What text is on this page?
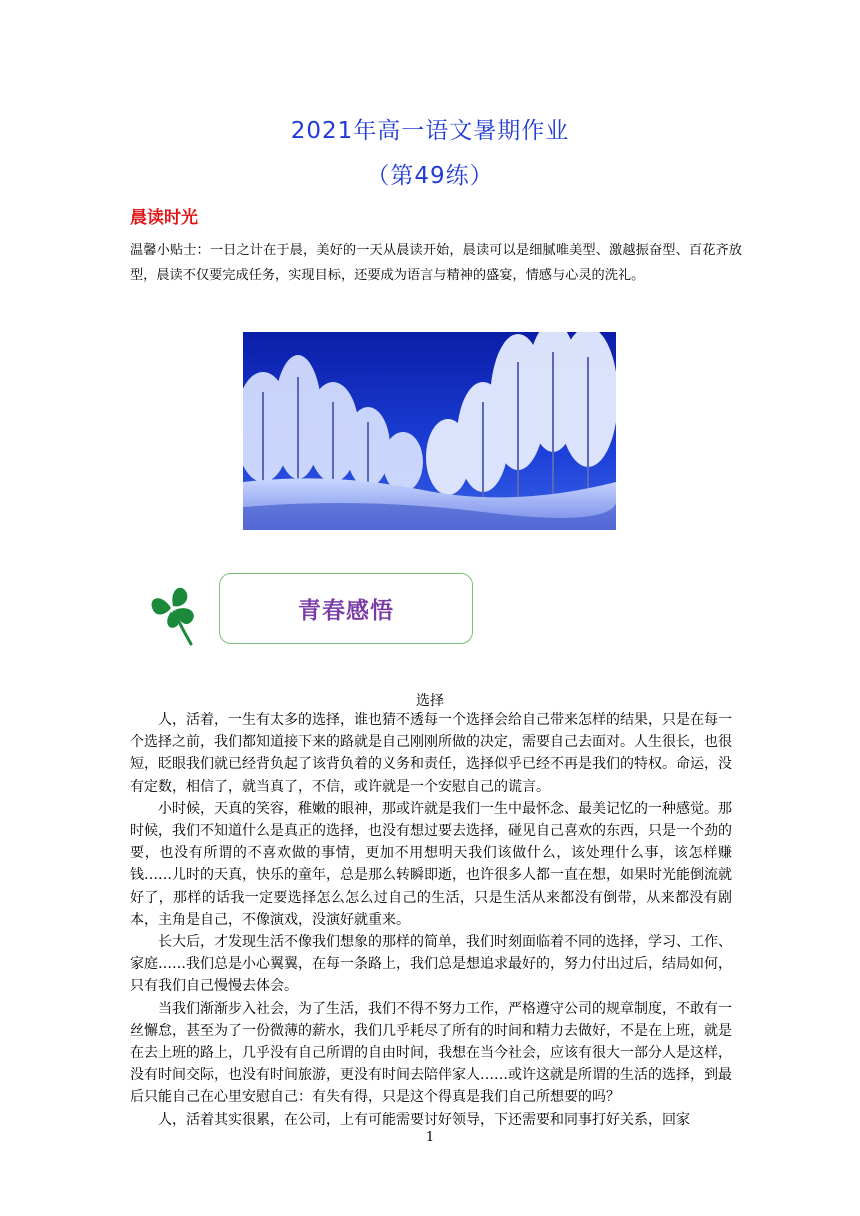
2021年高一语文暑期作业
（第49练）
晨读时光
温馨小贴士：一日之计在于晨，美好的一天从晨读开始，晨读可以是细腻唯美型、激越振奋型、百花齐放型，晨读不仅要完成任务，实现目标，还要成为语言与精神的盛宴，情感与心灵的洗礼。
青春感悟
选择

人，活着，一生有太多的选择，谁也猜不透每一个选择会给自己带来怎样的结果，只是在每一个选择之前，我们都知道接下来的路就是自己刚刚所做的决定，需要自己去面对。人生很长，也很短，眨眼我们就已经背负起了该背负着的义务和责任，选择似乎已经不再是我们的特权。命运，没有定数，相信了，就当真了，不信，或许就是一个安慰自己的谎言。

小时候，天真的笑容，稚嫩的眼神，那或许就是我们一生中最怀念、最美记忆的一种感觉。那时候，我们不知道什么是真正的选择，也没有想过要去选择，碰见自己喜欢的东西，只是一个劲的要，也没有所谓的不喜欢做的事情，更加不用想明天我们该做什么，该处理什么事，该怎样赚钱……儿时的天真，快乐的童年，总是那么转瞬即逝，也许很多人都一直在想，如果时光能倒流就好了，那样的话我一定要选择怎么怎么过自己的生活，只是生活从来都没有倒带，从来都没有剧本，主角是自己，不像演戏，没演好就重来。

长大后，才发现生活不像我们想象的那样的简单，我们时刻面临着不同的选择，学习、工作、家庭……我们总是小心翼翼，在每一条路上，我们总是想追求最好的，努力付出过后，结局如何，只有我们自己慢慢去体会。

当我们渐渐步入社会，为了生活，我们不得不努力工作，严格遵守公司的规章制度，不敢有一丝懈怠，甚至为了一份微薄的薪水，我们几乎耗尽了所有的时间和精力去做好，不是在上班，就是在去上班的路上，几乎没有自己所谓的自由时间，我想在当今社会，应该有很大一部分人是这样，没有时间交际，也没有时间旅游，更没有时间去陪伴家人……或许这就是所谓的生活的选择，到最后只能自己在心里安慰自己：有失有得，只是这个得真是我们自己所想要的吗？

人，活着其实很累，在公司，上有可能需要讨好领导，下还需要和同事打好关系，回家

1
